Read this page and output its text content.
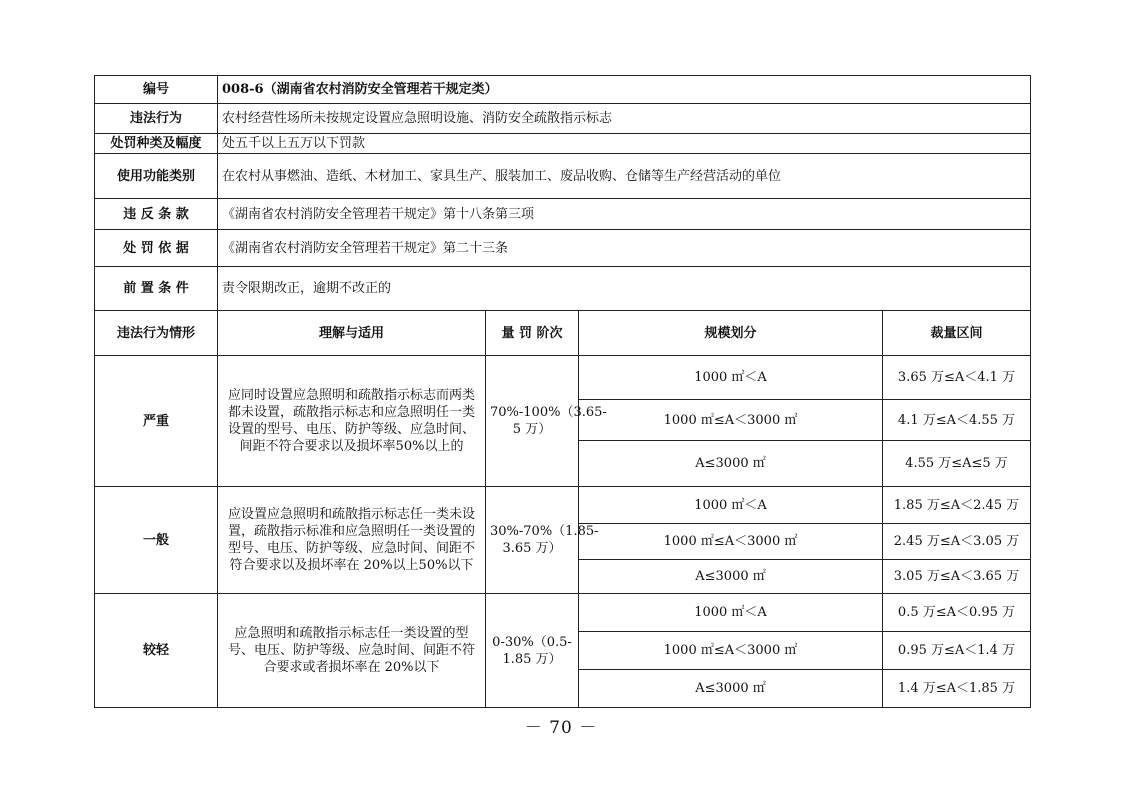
编号	008-6（湖南省农村消防安全管理若干规定类）			
违法行为	农村经营性场所未按规定设置应急照明设施、消防安全疏散指示标志			
处罚种类及幅度	处五千以上五万以下罚款			
使用功能类别	在农村从事燃油、造纸、木材加工、家具生产、服装加工、废品收购、仓储等生产经营活动的单位			
违 反 条 款	《湖南省农村消防安全管理若干规定》第十八条第三项			
处 罚 依 据	《湖南省农村消防安全管理若干规定》第二十三条			
前 置 条 件	责令限期改正，逾期不改正的			
违法行为情形	理解与适用	量 罚 阶次	规模划分	裁量区间
严重	应同时设置应急照明和疏散指示标志而两类都未设置，疏散指示标志和应急照明任一类设置的型号、电压、防护等级、应急时间、间距不符合要求以及损坏率50%以上的	70%-100%（3.65-5 万）	1000 ㎡＜A	3.65 万≤A＜4.1 万
			1000 ㎡≤A＜3000 ㎡	4.1 万≤A＜4.55 万
			A≤3000 ㎡	4.55 万≤A≤5 万
一般	应设置应急照明和疏散指示标志任一类未设置，疏散指示标准和应急照明任一类设置的型号、电压、防护等级、应急时间、间距不符合要求以及损坏率在 20%以上50%以下	30%-70%（1.85-3.65 万）	1000 ㎡＜A	1.85 万≤A＜2.45 万
			1000 ㎡≤A＜3000 ㎡	2.45 万≤A＜3.05 万
			A≤3000 ㎡	3.05 万≤A＜3.65 万
较轻	应急照明和疏散指示标志任一类设置的型号、电压、防护等级、应急时间、间距不符合要求或者损坏率在 20%以下	0-30%（0.5-1.85 万）	1000 ㎡＜A	0.5 万≤A＜0.95 万
			1000 ㎡≤A＜3000 ㎡	0.95 万≤A＜1.4 万
			A≤3000 ㎡	1.4 万≤A＜1.85 万
－ 70 －
